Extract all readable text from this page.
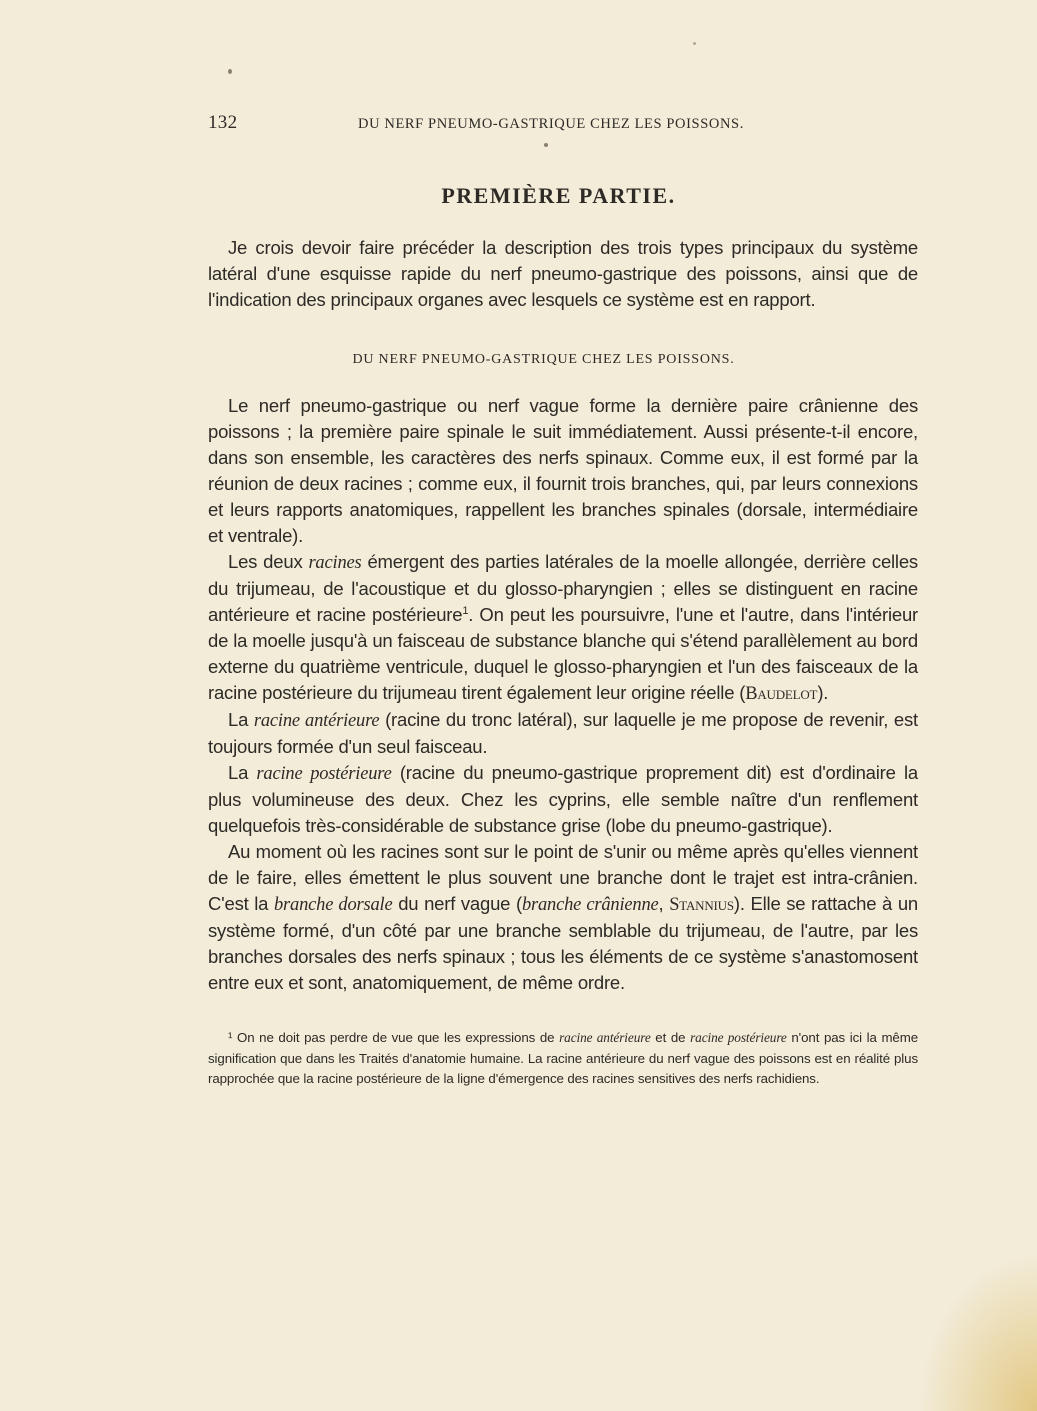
132	DU NERF PNEUMO-GASTRIQUE CHEZ LES POISSONS.
PREMIÈRE PARTIE.

Je crois devoir faire précéder la description des trois types principaux du système latéral d'une esquisse rapide du nerf pneumo-gastrique des poissons, ainsi que de l'indication des principaux organes avec lesquels ce système est en rapport.

DU NERF PNEUMO-GASTRIQUE CHEZ LES POISSONS.

Le nerf pneumo-gastrique ou nerf vague forme la dernière paire crânienne des poissons ; la première paire spinale le suit immédiatement. Aussi présente-t-il encore, dans son ensemble, les caractères des nerfs spinaux. Comme eux, il est formé par la réunion de deux racines ; comme eux, il fournit trois branches, qui, par leurs connexions et leurs rapports anatomiques, rappellent les branches spinales (dorsale, intermédiaire et ventrale).

Les deux racines émergent des parties latérales de la moelle allongée, derrière celles du trijumeau, de l'acoustique et du glosso-pharyngien ; elles se distinguent en racine antérieure et racine postérieure$^1$. On peut les poursuivre, l'une et l'autre, dans l'intérieur de la moelle jusqu'à un faisceau de substance blanche qui s'étend parallèlement au bord externe du quatrième ventricule, duquel le glosso-pharyngien et l'un des faisceaux de la racine postérieure du trijumeau tirent également leur origine réelle (Baudelot).

La racine antérieure (racine du tronc latéral), sur laquelle je me propose de revenir, est toujours formée d'un seul faisceau.

La racine postérieure (racine du pneumo-gastrique proprement dit) est d'ordinaire la plus volumineuse des deux. Chez les cyprins, elle semble naître d'un renflement quelquefois très-considérable de substance grise (lobe du pneumo-gastrique).

Au moment où les racines sont sur le point de s'unir ou même après qu'elles viennent de le faire, elles émettent le plus souvent une branche dont le trajet est intra-crânien. C'est la branche dorsale du nerf vague (branche crânienne, Stannius). Elle se rattache à un système formé, d'un côté par une branche semblable du trijumeau, de l'autre, par les branches dorsales des nerfs spinaux ; tous les éléments de ce système s'anastomosent entre eux et sont, anatomiquement, de même ordre.

¹ On ne doit pas perdre de vue que les expressions de racine antérieure et de racine postérieure n'ont pas ici la même signification que dans les Traités d'anatomie humaine. La racine antérieure du nerf vague des poissons est en réalité plus rapprochée que la racine postérieure de la ligne d'émergence des racines sensitives des nerfs rachidiens.
